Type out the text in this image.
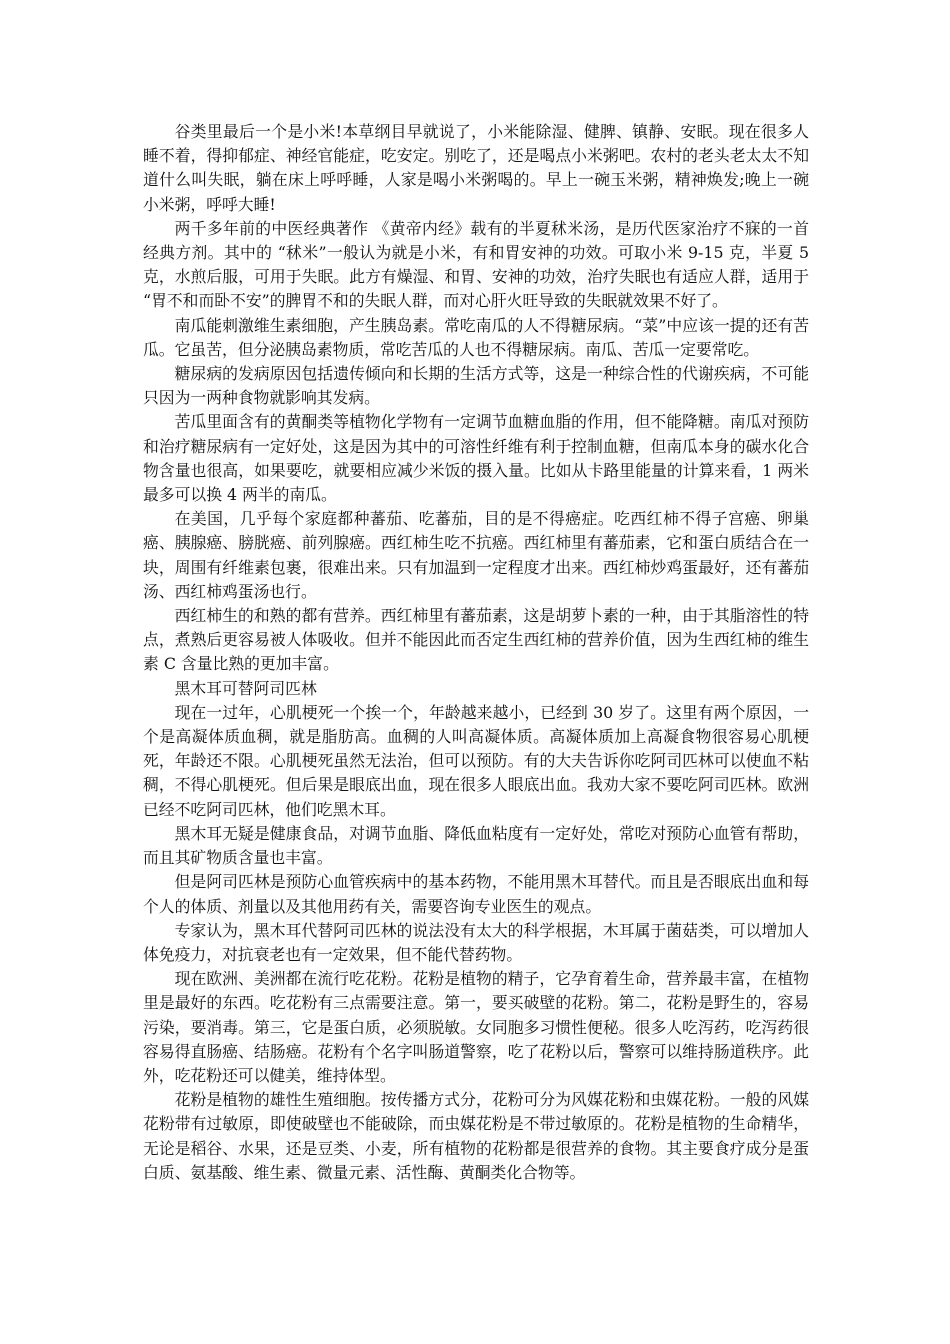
谷类里最后一个是小米!本草纲目早就说了，小米能除湿、健脾、镇静、安眠。现在很多人睡不着，得抑郁症、神经官能症，吃安定。别吃了，还是喝点小米粥吧。农村的老头老太太不知道什么叫失眠，躺在床上呼呼睡，人家是喝小米粥喝的。早上一碗玉米粥，精神焕发;晚上一碗小米粥，呼呼大睡!

两千多年前的中医经典著作 《黄帝内经》载有的半夏秫米汤，是历代医家治疗不寐的一首经典方剂。其中的 “秫米”一般认为就是小米，有和胃安神的功效。可取小米 9-15 克，半夏 5 克，水煎后服，可用于失眠。此方有燥湿、和胃、安神的功效，治疗失眠也有适应人群，适用于 “胃不和而卧不安”的脾胃不和的失眠人群，而对心肝火旺导致的失眠就效果不好了。

南瓜能刺激维生素细胞，产生胰岛素。常吃南瓜的人不得糖尿病。“菜”中应该一提的还有苦瓜。它虽苦，但分泌胰岛素物质，常吃苦瓜的人也不得糖尿病。南瓜、苦瓜一定要常吃。

糖尿病的发病原因包括遗传倾向和长期的生活方式等，这是一种综合性的代谢疾病，不可能只因为一两种食物就影响其发病。

苦瓜里面含有的黄酮类等植物化学物有一定调节血糖血脂的作用，但不能降糖。南瓜对预防和治疗糖尿病有一定好处，这是因为其中的可溶性纤维有利于控制血糖，但南瓜本身的碳水化合物含量也很高，如果要吃，就要相应减少米饭的摄入量。比如从卡路里能量的计算来看，1 两米最多可以换 4 两半的南瓜。

在美国，几乎每个家庭都种蕃茄、吃蕃茄，目的是不得癌症。吃西红柿不得子宫癌、卵巢癌、胰腺癌、膀胱癌、前列腺癌。西红柿生吃不抗癌。西红柿里有蕃茄素，它和蛋白质结合在一块，周围有纤维素包裹，很难出来。只有加温到一定程度才出来。西红柿炒鸡蛋最好，还有蕃茄汤、西红柿鸡蛋汤也行。

西红柿生的和熟的都有营养。西红柿里有蕃茄素，这是胡萝卜素的一种，由于其脂溶性的特点，煮熟后更容易被人体吸收。但并不能因此而否定生西红柿的营养价值，因为生西红柿的维生素 C 含量比熟的更加丰富。

黑木耳可替阿司匹林

现在一过年，心肌梗死一个挨一个，年龄越来越小，已经到 30 岁了。这里有两个原因，一个是高凝体质血稠，就是脂肪高。血稠的人叫高凝体质。高凝体质加上高凝食物很容易心肌梗死，年龄还不限。心肌梗死虽然无法治，但可以预防。有的大夫告诉你吃阿司匹林可以使血不粘稠，不得心肌梗死。但后果是眼底出血，现在很多人眼底出血。我劝大家不要吃阿司匹林。欧洲已经不吃阿司匹林，他们吃黑木耳。

黑木耳无疑是健康食品，对调节血脂、降低血粘度有一定好处，常吃对预防心血管有帮助，而且其矿物质含量也丰富。

但是阿司匹林是预防心血管疾病中的基本药物，不能用黑木耳替代。而且是否眼底出血和每个人的体质、剂量以及其他用药有关，需要咨询专业医生的观点。

专家认为，黑木耳代替阿司匹林的说法没有太大的科学根据，木耳属于菌菇类，可以增加人体免疫力，对抗衰老也有一定效果，但不能代替药物。

现在欧洲、美洲都在流行吃花粉。花粉是植物的精子，它孕育着生命，营养最丰富，在植物里是最好的东西。吃花粉有三点需要注意。第一，要买破壁的花粉。第二，花粉是野生的，容易污染，要消毒。第三，它是蛋白质，必须脱敏。女同胞多习惯性便秘。很多人吃泻药，吃泻药很容易得直肠癌、结肠癌。花粉有个名字叫肠道警察，吃了花粉以后，警察可以维持肠道秩序。此外，吃花粉还可以健美，维持体型。

花粉是植物的雄性生殖细胞。按传播方式分，花粉可分为风媒花粉和虫媒花粉。一般的风媒花粉带有过敏原，即使破壁也不能破除，而虫媒花粉是不带过敏原的。花粉是植物的生命精华，无论是稻谷、水果，还是豆类、小麦，所有植物的花粉都是很营养的食物。其主要食疗成分是蛋白质、氨基酸、维生素、微量元素、活性酶、黄酮类化合物等。
